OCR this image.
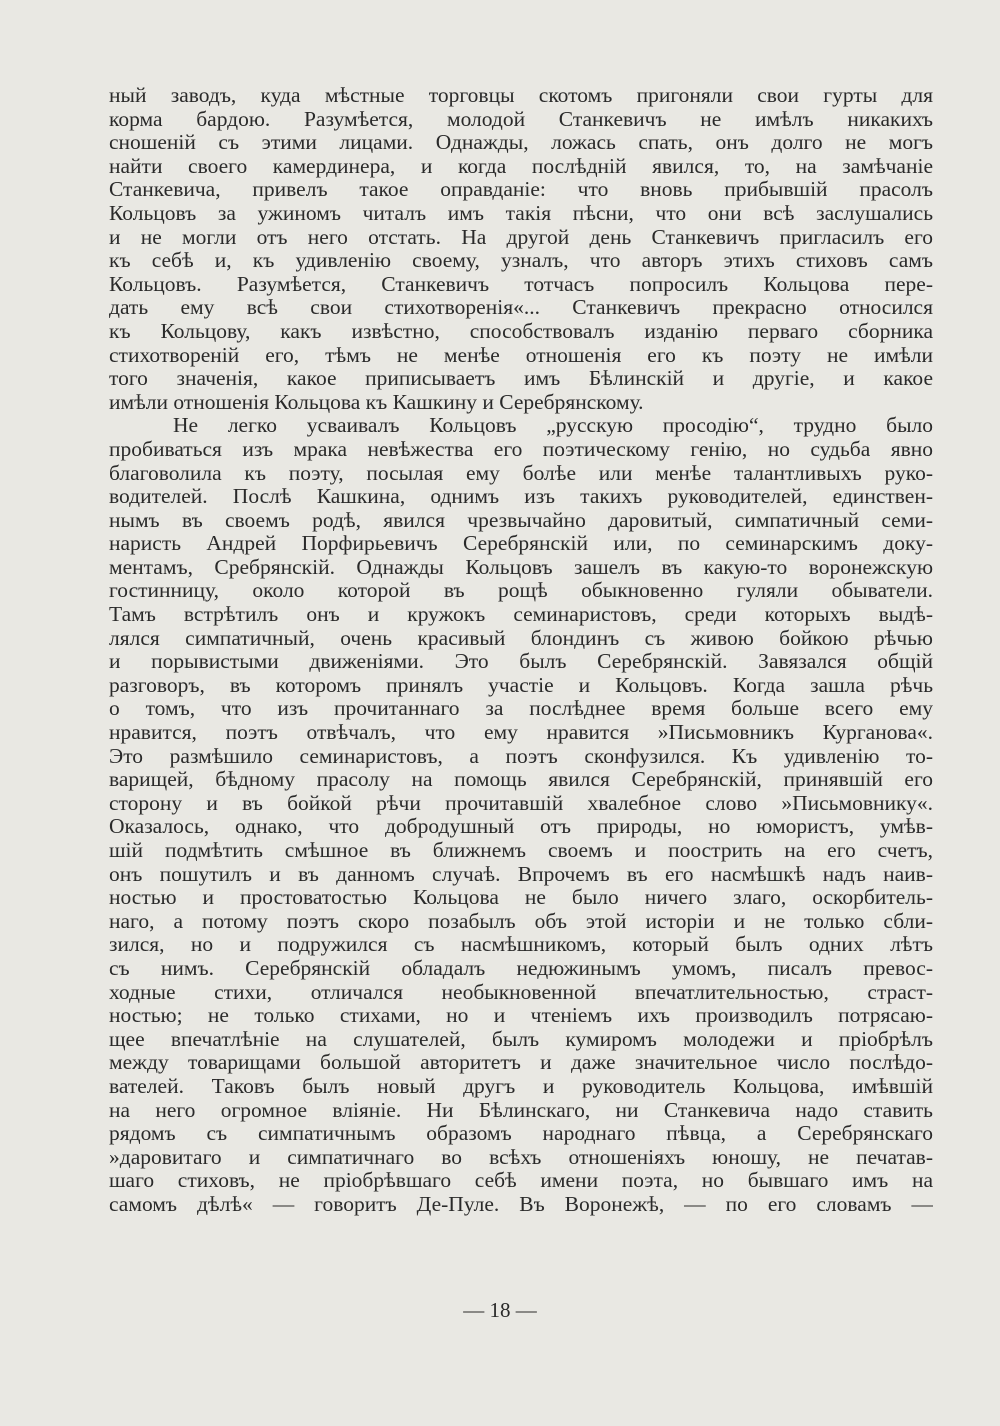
ный заводъ, куда мѣстные торговцы скотомъ пригоняли свои гурты для
корма бардою. Разумѣется, молодой Станкевичъ не имѣлъ никакихъ
сношеній съ этими лицами. Однажды, ложась спать, онъ долго не могъ
найти своего камердинера, и когда послѣдній явился, то, на замѣчаніе
Станкевича, привелъ такое оправданіе: что вновь прибывшій прасолъ
Кольцовъ за ужиномъ читалъ имъ такія пѣсни, что они всѣ заслушались
и не могли отъ него отстать. На другой день Станкевичъ пригласилъ его
къ себѣ и, къ удивленію своему, узналъ, что авторъ этихъ стиховъ самъ
Кольцовъ. Разумѣется, Станкевичъ тотчасъ попросилъ Кольцова пере-
дать ему всѣ свои стихотворенія«... Станкевичъ прекрасно относился
къ Кольцову, какъ извѣстно, способствовалъ изданію перваго сборника
стихотвореній его, тѣмъ не менѣе отношенія его къ поэту не имѣли
того значенія, какое приписываетъ имъ Бѣлинскій и другіе, и какое
имѣли отношенія Кольцова къ Кашкину и Серебрянскому.
Не легко усваивалъ Кольцовъ „русскую просодію“, трудно было
пробиваться изъ мрака невѣжества его поэтическому генію, но судьба явно
благоволила къ поэту, посылая ему болѣе или менѣе талантливыхъ руко-
водителей. Послѣ Кашкина, однимъ изъ такихъ руководителей, единствен-
нымъ въ своемъ родѣ, явился чрезвычайно даровитый, симпатичный семи-
наристь Андрей Порфирьевичъ Серебрянскій или, по семинарскимъ доку-
ментамъ, Сребрянскій. Однажды Кольцовъ зашелъ въ какую-то воронежскую
гостинницу, около которой въ рощѣ обыкновенно гуляли обыватели.
Тамъ встрѣтилъ онъ и кружокъ семинаристовъ, среди которыхъ выдѣ-
лялся симпатичный, очень красивый блондинъ съ живою бойкою рѣчью
и порывистыми движеніями. Это былъ Серебрянскій. Завязался общій
разговоръ, въ которомъ принялъ участіе и Кольцовъ. Когда зашла рѣчь
о томъ, что изъ прочитаннаго за послѣднее время больше всего ему
нравится, поэтъ отвѣчалъ, что ему нравится »Письмовникъ Курганова«.
Это размѣшило семинаристовъ, а поэтъ сконфузился. Къ удивленію то-
варищей, бѣдному прасолу на помощь явился Серебрянскій, принявшій его
сторону и въ бойкой рѣчи прочитавшій хвалебное слово »Письмовнику«.
Оказалось, однако, что добродушный отъ природы, но юмористъ, умѣв-
шій подмѣтить смѣшное въ ближнемъ своемъ и поострить на его счетъ,
онъ пошутилъ и въ данномъ случаѣ. Впрочемъ въ его насмѣшкѣ надъ наив-
ностью и простоватостью Кольцова не было ничего злаго, оскорбитель-
наго, а потому поэтъ скоро позабылъ объ этой исторіи и не только сбли-
зился, но и подружился съ насмѣшникомъ, который былъ одних лѣтъ
съ нимъ. Серебрянскій обладалъ недюжинымъ умомъ, писалъ превос-
ходные стихи, отличался необыкновенной впечатлительностью, страст-
ностью; не только стихами, но и чтеніемъ ихъ производилъ потрясаю-
щее впечатлѣніе на слушателей, былъ кумиромъ молодежи и пріобрѣлъ
между товарищами большой авторитетъ и даже значительное число послѣдо-
вателей. Таковъ былъ новый другъ и руководитель Кольцова, имѣвшій
на него огромное вліяніе. Ни Бѣлинскаго, ни Станкевича надо ставить
рядомъ съ симпатичнымъ образомъ народнаго пѣвца, а Серебрянскаго
»даровитаго и симпатичнаго во всѣхъ отношеніяхъ юношу, не печатав-
шаго стиховъ, не пріобрѣвшаго себѣ имени поэта, но бывшаго имъ на
самомъ дѣлѣ« — говоритъ Де-Пуле. Въ Воронежѣ, — по его словамъ —
— 18 —
